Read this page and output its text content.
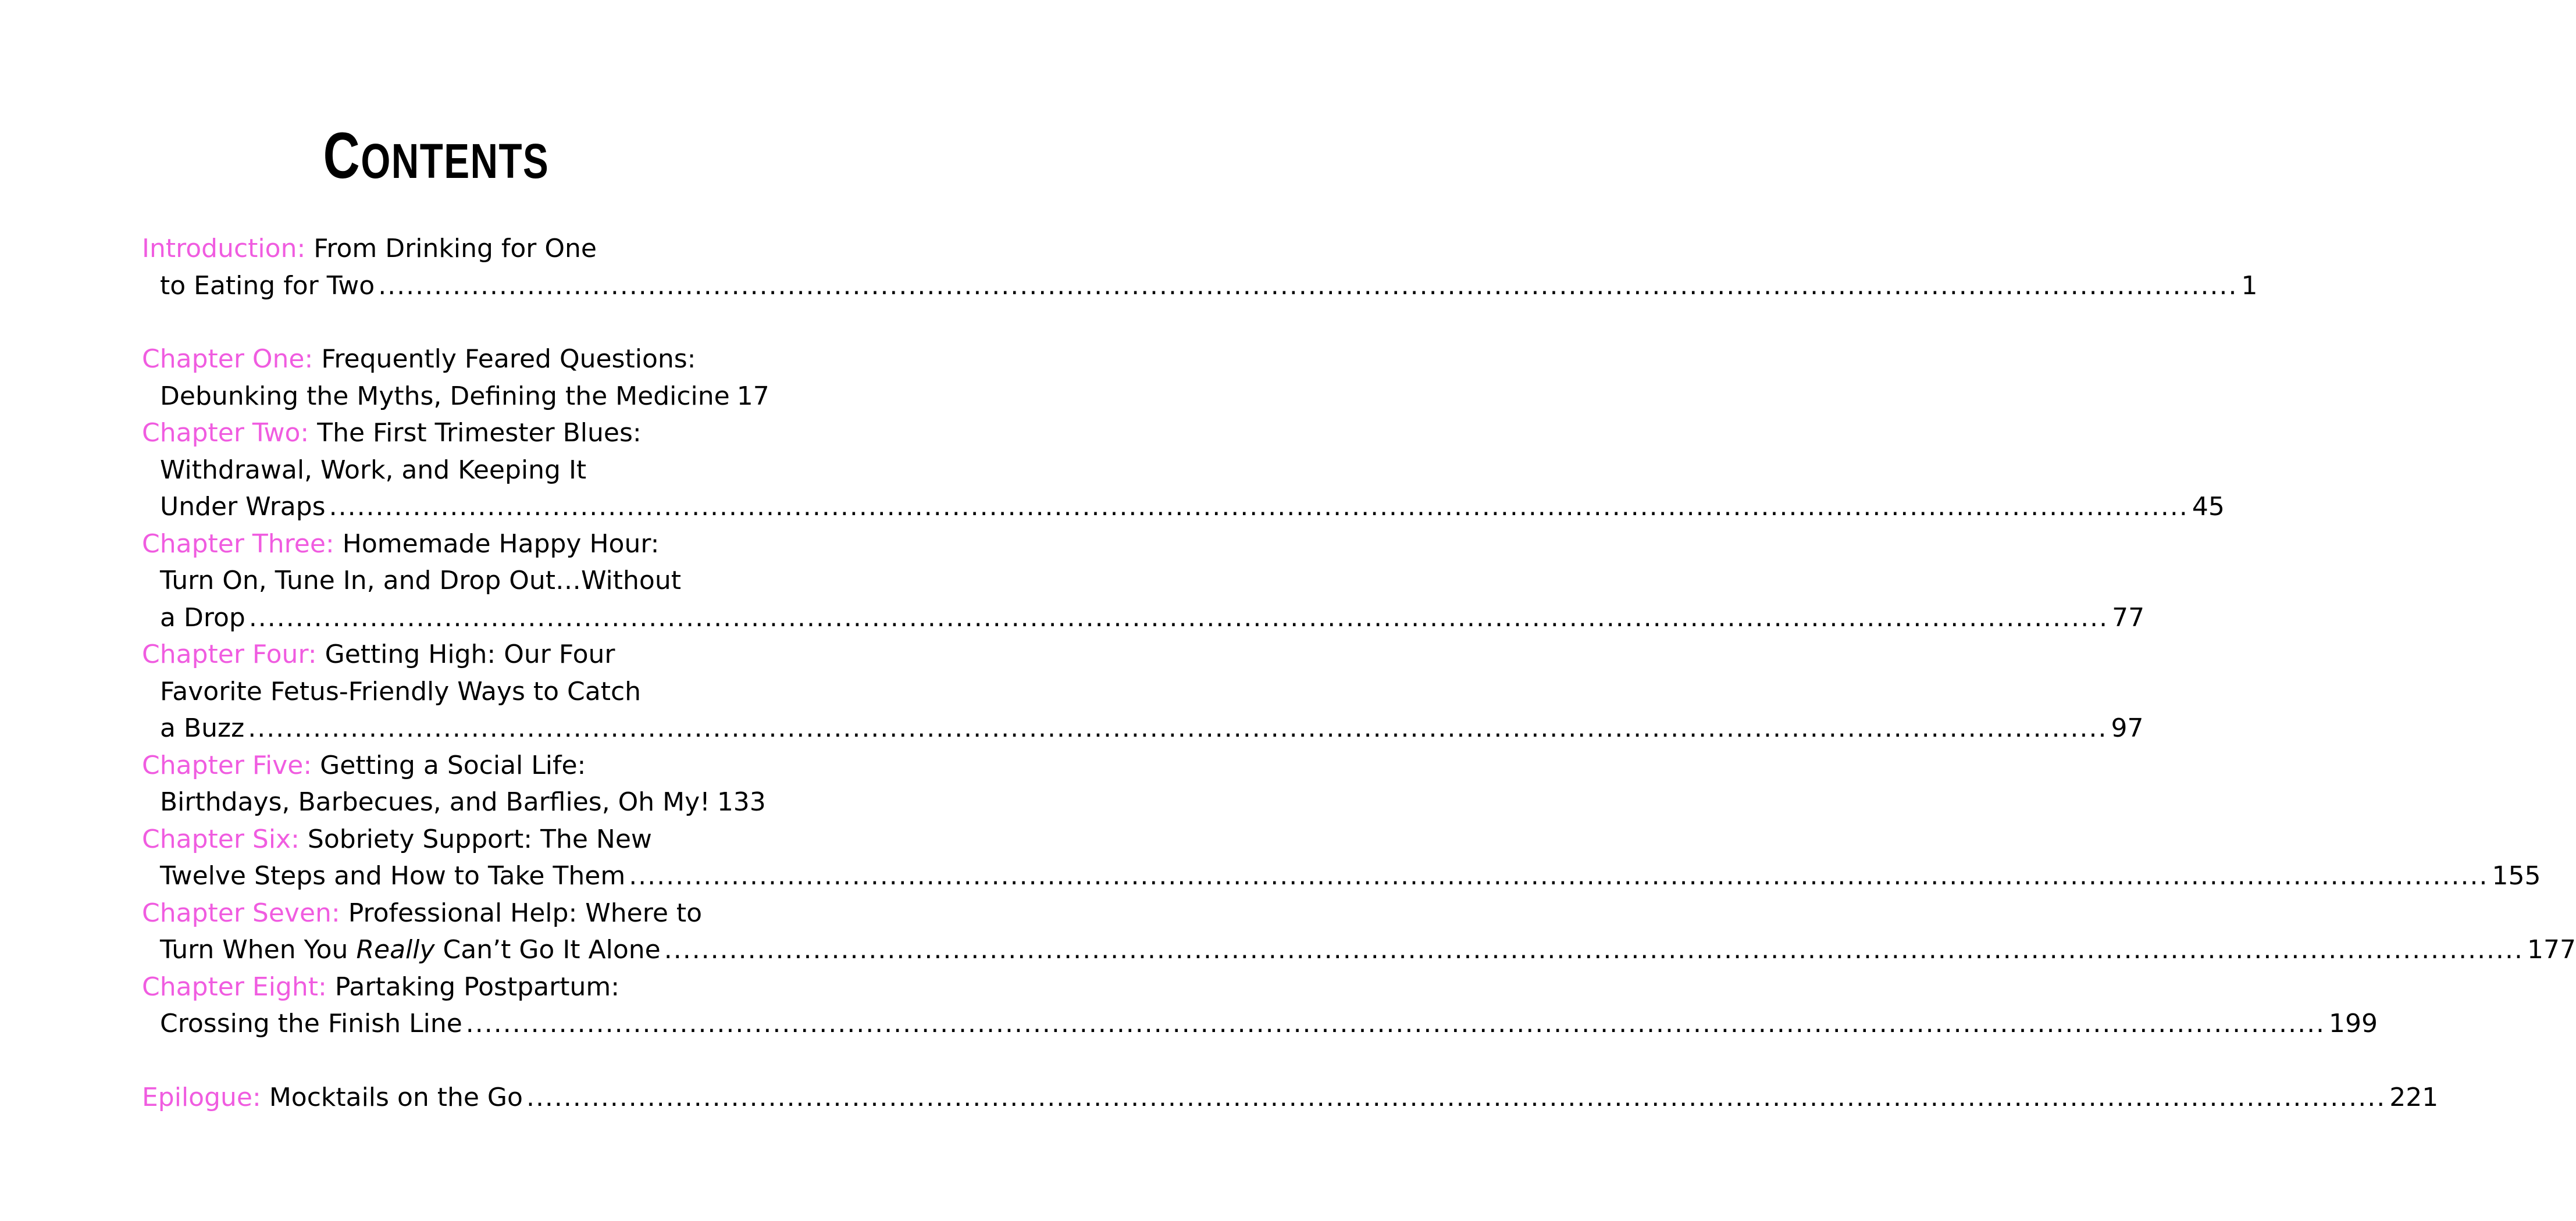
CONTENTS
Introduction:
From Drinking for One
to Eating for Two ........................................................................................................................................................................................................ 1
Chapter One:
Frequently Feared Questions:
Debunking the Myths, Defining the Medicine 17
Chapter Two:
The First Trimester Blues:
Withdrawal, Work, and Keeping It
Under Wraps ........................................................................................................................................................................................................ 45
Chapter Three:
Homemade Happy Hour:
Turn On, Tune In, and Drop Out…Without
a Drop ........................................................................................................................................................................................................ 77
Chapter Four:
Getting High: Our Four
Favorite Fetus-Friendly Ways to Catch
a Buzz ........................................................................................................................................................................................................ 97
Chapter Five:
Getting a Social Life:
Birthdays, Barbecues, and Barflies, Oh My! 133
Chapter Six:
Sobriety Support: The New
Twelve Steps and How to Take Them ........................................................................................................................................................................................................ 155
Chapter Seven:
Professional Help: Where to
Turn When You Really Can’t Go It Alone ........................................................................................................................................................................................................ 177
Chapter Eight:
Partaking Postpartum:
Crossing the Finish Line ........................................................................................................................................................................................................ 199
Epilogue:
Mocktails on the Go ........................................................................................................................................................................................................ 221
